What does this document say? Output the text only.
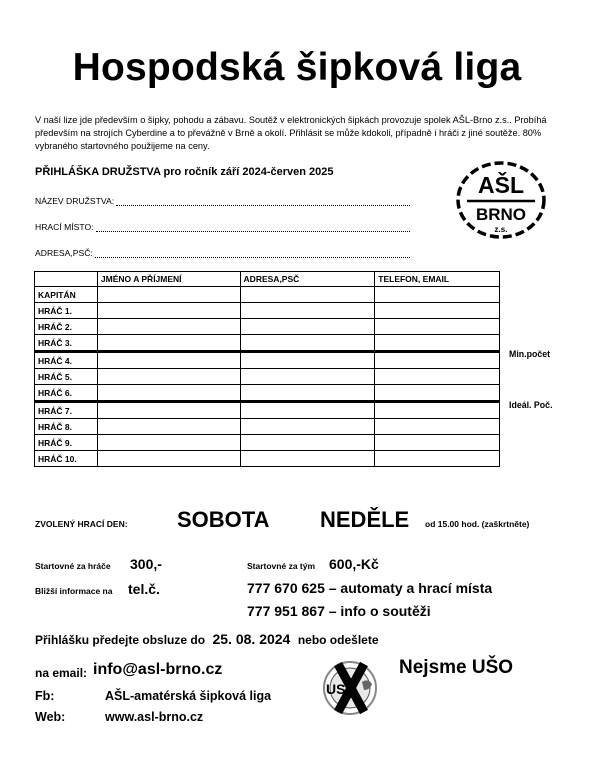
Hospodská šipková liga
V naší lize jde především o šipky, pohodu a zábavu. Soutěž v elektronických šipkách provozuje spolek AŠL-Brno z.s.. Probíhá především na strojích Cyberdine a to převážně v Brně a okolí. Přihlásit se může kdokoli, případně i hráči z jiné soutěže. 80% vybraného startovného použijeme na ceny.
PŘIHLÁŠKA DRUŽSTVA pro ročník září 2024-červen 2025
NÁZEV DRUŽSTVA:
HRACÍ MÍSTO:
ADRESA,PSČ:
AŠL
BRNO
z.s.
	JMÉNO A PŘÍJMENÍ	ADRESA,PSČ	TELEFON, EMAIL
KAPITÁN			
HRÁČ 1.			
HRÁČ 2.			
HRÁČ 3.			
HRÁČ 4.			
HRÁČ 5.			
HRÁČ 6.			
HRÁČ 7.			
HRÁČ 8.			
HRÁČ 9.			
HRÁČ 10.			
Min.počet
Ideál. Poč.
ZVOLENÝ HRACÍ DEN: SOBOTA NEDĚLE od 15.00 hod. (zaškrtněte)
Startovné za hráče 300,-	Startovné za tým 600,-Kč
Bližší informace na tel.č.	777 670 625 – automaty a hrací místa
777 951 867 – info o soutěži
Přihlášku předejte obsluze do 25. 08. 2024 nebo odešlete
na email: info@asl-brno.cz
Fb:	AŠL-amatérská šipková liga
Web:	www.asl-brno.cz
US
Nejsme UŠO
